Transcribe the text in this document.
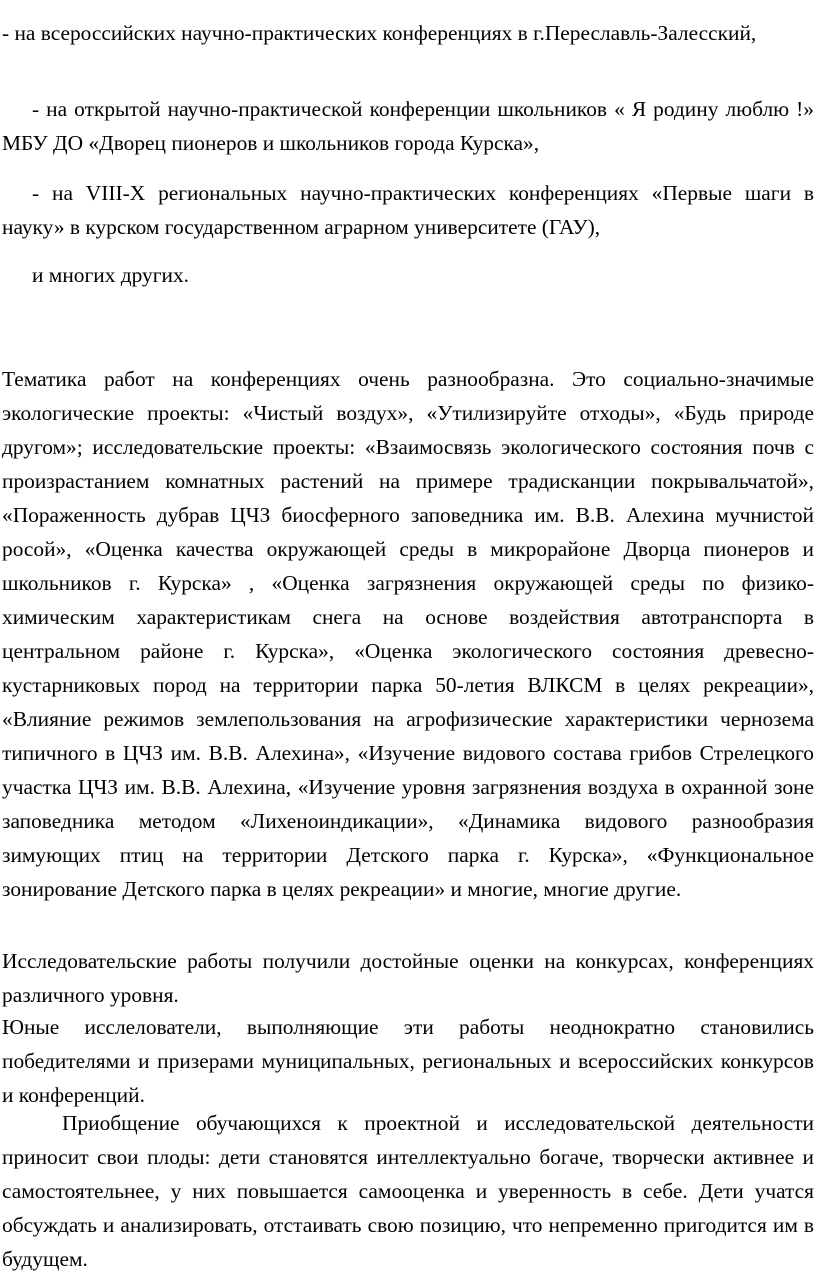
- на всероссийских научно-практических конференциях в г.Переславль-Залесский,

- на открытой научно-практической конференции школьников « Я родину люблю !» МБУ ДО «Дворец пионеров и школьников города Курска»,

- на VIII-X региональных научно-практических конференциях «Первые шаги в науку» в курском государственном аграрном университете (ГАУ),

и многих других.

Тематика работ на конференциях очень разнообразна. Это социально-значимые экологические проекты: «Чистый воздух», «Утилизируйте отходы», «Будь природе другом»; исследовательские проекты: «Взаимосвязь экологического состояния почв с произрастанием комнатных растений на примере традисканции покрывальчатой», «Пораженность дубрав ЦЧЗ биосферного заповедника им. В.В. Алехина мучнистой росой», «Оценка качества окружающей среды в микрорайоне Дворца пионеров и школьников г. Курска» , «Оценка загрязнения окружающей среды по физико-химическим характеристикам снега на основе воздействия автотранспорта в центральном районе г. Курска», «Оценка экологического состояния древесно-кустарниковых пород на территории парка 50-летия ВЛКСМ в целях рекреации», «Влияние режимов землепользования на агрофизические характеристики чернозема типичного в ЦЧЗ им. В.В. Алехина», «Изучение видового состава грибов Стрелецкого участка ЦЧЗ им. В.В. Алехина, «Изучение уровня загрязнения воздуха в охранной зоне заповедника методом «Лихеноиндикации», «Динамика видового разнообразия зимующих птиц на территории Детского парка г. Курска», «Функциональное зонирование Детского парка в целях рекреации» и многие, многие другие.

Исследовательские работы получили достойные оценки на конкурсах, конференциях различного уровня.

Юные исслелователи, выполняющие эти работы неоднократно становились победителями и призерами муниципальных, региональных и всероссийских конкурсов и конференций.

Приобщение обучающихся к проектной и исследовательской деятельности приносит свои плоды: дети становятся интеллектуально богаче, творчески активнее и самостоятельнее, у них повышается самооценка и уверенность в себе. Дети учатся обсуждать и анализировать, отстаивать свою позицию, что непременно пригодится им в будущем.
